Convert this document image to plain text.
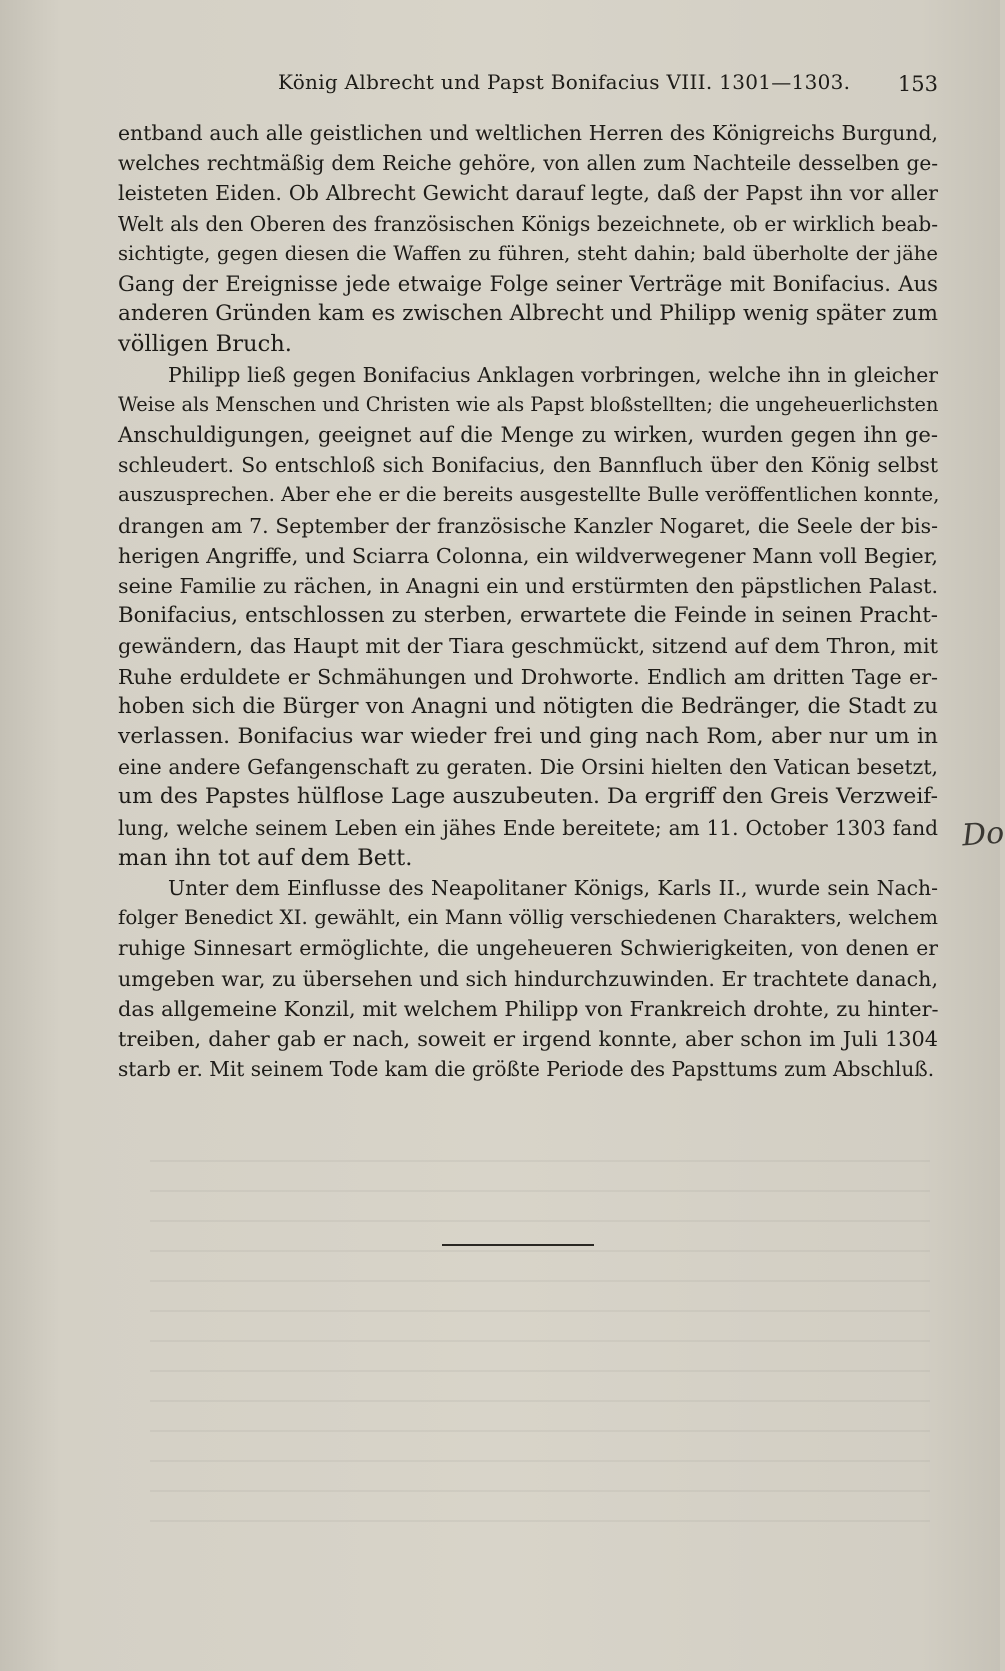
König Albrecht und Papst Bonifacius VIII. 1301—1303. 153

entband auch alle geistlichen und weltlichen Herren des Königreichs Burgund,
welches rechtmäßig dem Reiche gehöre, von allen zum Nachteile desselben ge-
leisteten Eiden. Ob Albrecht Gewicht darauf legte, daß der Papst ihn vor aller
Welt als den Oberen des französischen Königs bezeichnete, ob er wirklich beab-
sichtigte, gegen diesen die Waffen zu führen, steht dahin; bald überholte der jähe
Gang der Ereignisse jede etwaige Folge seiner Verträge mit Bonifacius. Aus
anderen Gründen kam es zwischen Albrecht und Philipp wenig später zum
völligen Bruch.

Philipp ließ gegen Bonifacius Anklagen vorbringen, welche ihn in gleicher
Weise als Menschen und Christen wie als Papst bloßstellten; die ungeheuerlichsten
Anschuldigungen, geeignet auf die Menge zu wirken, wurden gegen ihn ge-
schleudert. So entschloß sich Bonifacius, den Bannfluch über den König selbst
auszusprechen. Aber ehe er die bereits ausgestellte Bulle veröffentlichen konnte,
drangen am 7. September der französische Kanzler Nogaret, die Seele der bis-
herigen Angriffe, und Sciarra Colonna, ein wildverwegener Mann voll Begier,
seine Familie zu rächen, in Anagni ein und erstürmten den päpstlichen Palast.
Bonifacius, entschlossen zu sterben, erwartete die Feinde in seinen Pracht-
gewändern, das Haupt mit der Tiara geschmückt, sitzend auf dem Thron, mit
Ruhe erduldete er Schmähungen und Drohworte. Endlich am dritten Tage er-
hoben sich die Bürger von Anagni und nötigten die Bedränger, die Stadt zu
verlassen. Bonifacius war wieder frei und ging nach Rom, aber nur um in
eine andere Gefangenschaft zu geraten. Die Orsini hielten den Vatican besetzt,
um des Papstes hülflose Lage auszubeuten. Da ergriff den Greis Verzweif-
lung, welche seinem Leben ein jähes Ende bereitete; am 11. October 1303 fand
man ihn tot auf dem Bett.

Unter dem Einflusse des Neapolitaner Königs, Karls II., wurde sein Nach-
folger Benedict XI. gewählt, ein Mann völlig verschiedenen Charakters, welchem
ruhige Sinnesart ermöglichte, die ungeheueren Schwierigkeiten, von denen er
umgeben war, zu übersehen und sich hindurchzuwinden. Er trachtete danach,
das allgemeine Konzil, mit welchem Philipp von Frankreich drohte, zu hinter-
treiben, daher gab er nach, soweit er irgend konnte, aber schon im Juli 1304
starb er. Mit seinem Tode kam die größte Periode des Papsttums zum Abschluß.

Do
